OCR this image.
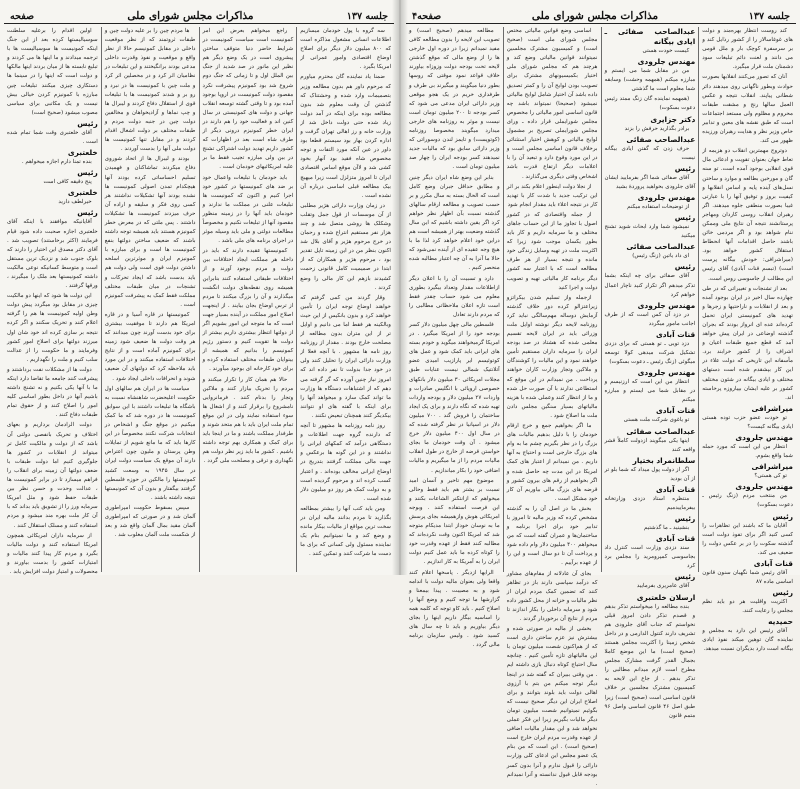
صفحه۴	مذاکرات مجلس شورای ملی	جلسه ۱۳۷

کند روست انتظار بهره‌مند و دولت های غوغاسالار را از کشور رذايل کند و بر سرسفرة کوچک بار و ملل قومی می دانند و لعنت دائم تبلیغات سود دشمنان ملت قرار میگیرد.

آنان که تصور می‌کنند انقلابها بصورت حوادث وبطور ناگهانی روی میدهند دائر شطانی پیاپند. انقلاب نتیجه و عکس العمل سالها رنج و مشقت طبقات محروم و مظلوم ولی مستعد اجتماعات است که طبق نقشه های معین و تدابیر خاص وزیر نظر و هدایت رهبران ورزیده ظهور می کند.

دوتروج مهمترین انقلاب دو هزیمه از تعاط جهان بعنوان تقویت و ادعائی مال قوی انقلابی بوجود آمده است. تو سنه گان و مورخین بطالعه و موارد و ساختن نسل‌های آینده پایه و اساس انقلابها و کیفیت بروز و توفیق آنها را با عبارتی غیبا بصورت منطقی جلوه میدهند. اگر رهبران انقلاب روسی کاردان ومهاجر پرستانشند نتیجه آن نتایج ملی وممکن ننام شواهد بود و اگر مردمی خائن باشند حاصل اقدامات آنها انحطاط استقلال کشور خواهد بود. (میراشرافی: خودش بیگانه پرست است) (تبسم قنات آبادی) آقای رئیس این مطالب از جاسوسی روس است.

بعد از تشنجات و تغییراتی که در طی چهارده سال اخیر در ایران بوجود آمده و بعد از انقلابات و ناراحتیها و زجرها و تهدید های کمونیستی ایران تحمل کرده‌اند عده ای انرواز بودند که بجران گذشته اوضاعی در ایران پیش خواهد آمد که قطع جمیع طبقات اعیان و اشراف را از کشور خرابند برد. مأسفانه این تاریخی که دولت علاء در این کار بپشقدم شده است دستهای مختلف و ایادی بیگانه در شئون مختلف کشور بر علیه ایشان بپیاروزه پرخاسته اند.

میراشرافی

تو خودت عضو حزب توده هستی ایادی بیگانه کیست؟

مهندس جلرودی

انتظار من این است که مورد حمله شما واقع بشوم.

میراشرافی

تو کی هستی؟

مهندس جلرودی

من منتخب مردم (زنگ رئیس ـ دعوت بسکوت)

رئیس

آقایان ما که باشند این تظاهرات را کسی کنید اگر برای تفوذ دولت است گذشته سکوت را در بر عکس دولت را ضعیف می کند.

قنات آبادی

آقای رئیس شما نگهبان سنون قانون اساسی ماده ۸۷

رئیس

اکثریت واقلیت هر دو باید نظم مجلس را رعایت کنند.

حمیدیه

آقای رئیس این دارد به مجلس و نماینده گان توهین میکند نفوذ ایادی بیگانه است دارد بدیگران نسبت میدهد.

عبدالصاحب صفائی ـ ایادی بیگانه

کیست خودت هستی

مهندس جلرودی

من در مقابل شما می ایستم و مبارزه میکنم (همهمه وحشت) وسابقه شما معلوم است ما گذشتی

(همهمه نماینده گان زنگ ممتد رئیس دعوت بسکوت)

دکتر جزایری

برادر بگذارید حرفش را بزند

عبدالصاحب صفائی

حرف زدن که گفتن ایادی بیگانه نیست

رئیس

آقای صفائی شما اگر بفرمایید ایشان آقای جلرودی بخواهید پروردۀ بشید

مهندس جلرودی

از توضیحات استفاده میکنم

رئیس

نمیشود شما وارد ابحاث شوید تشنج میکنید

عبدالصاحب صفائی

ای داد یاتین (زنگ رئیس)

رئیس

آقای صفائی برای چه اینکه بشما تذکر میدهم اگر تکرار کنید ناچار اعمال خواهم کرد

مهندس جلرودی

در دزد آن کس است که از طرف اجانب مامور میگردد

قنات آبادی

دزد تویی ـ تو هستی که برای دزدی تشکیل شرکت میدهی کولا توسعه میگوئی (زنگ رئیس ـ دعوت بسکوت)

مهندس جلرودی

انتظار من این است که ارزنیسم و در مقابل شما می ایستم و مبارزه میکنم

قنات آبادی

تو یاغوی شرکت ملت هستی

عبدالصاحب صفائی

اینها یکی میگویند ازدولت کاملاً قشر واقعه کنند

سلطانمراد بختیار

اگر از دولت پول میداد که شما بلو تر از آن بودید

قنات آبادی

منتظره استاد دزدی وزارتخانه بیفرماییدمیم

رئیس

بنشینید ـ ما گذشتیم

قنات آبادی

سند دزدی وزارت است کنترل داد بجاسوسی کمپرومرید را مجلس برد کرد

رئیس

آقای عامریری بفرمایید

ارسلان خلعتبری

بنده مطالعه را میخواستم تذکر بدهم و قصدم تذکر دادن امروز قبلی نخواستم که جناب آقای جلرودی هم تشریف دارند کنتول الدارمی و در داخل شخص زمینا را آکثریت مجلس هستند (صحیح است) ما این موضع کاملا بجمال القدر گرفت مشارک مجلس مطرح است لازم میدانم مطالبی را تذکر بدهم . از جاع این لایحه به کمیسیون مشترک مجلسین بر خلاف قانون اساسی است (صحیح است) زیرا طبق اصل ۴۶ قانون اساسی واصل ۹۶ متمم قانون

اساسی وضع قوانین مالیاتی مختص مجلس شورای ملی است (صحیح است) و کمیسیون مشترک مجلسین نمیتوانند قوانین مالیاتی وضع کند و هرچند هم که مجلس شورای ملی اختیار بکمیسیونهای مشترک برای تصویب بودن لوایح آن را و کمتر تصدیق داده باشد آن اختیار شامل لوایح مالیاتی نمیشود (صحیحا) نمیتواند باشد چه قانون اساسی امور مالیاتی را مخصوص مجلس شورایملی قرار داده ـ ورای مجلس شورایملی تصریح بر مشمول لوایح مالیاتی و کوهش اختیار استثنائی برخلاف قانون اساسی مجلس است و در این مورد وقوع دارد و تبعید آن را با اعلامات دیگر ارتفاع قدرت باشد اشخاص وقتی دیگری می‌گذارند .

از نجلا دولت اینطور اعلام بکند بر اثر این ترکیب جدید با شدت کار با تهدید کار در نتیجه اعلاء باید مقدار انجام شود

از جمله واقتصادی که در کشور اصول با تجاوز ما از این حساب جاهای مختلف و ما سرمایه داریم و کار باید بطور یکسان موجب شود زیرا که اکثریت ملت در تهیه وسایل زندگی خود مانده و نتیجه بسیار از هر طرف مطالعه است که با اعتبار سه کشور دیگر برنامه کار مالیاتی تهیه و تصویب دولت و اجرا کنید

ازجمله واز تسلیم شدن بیکراتزو زیراعتزالو کرده دور خلاف گذشته آزمایش دوساله مهم‌سالگی نباید کرد روزنامه لایحه دیگر نوشته اوایل ملت وزرائی باید در ایران لایحه تقسیم معلمی شده که هشتاد در صد بودجه ایران را سرمایه داران مستقیم تأمین خواهند نمود و این مالیات را کوشندگان و ملاکین وتجار وزارت کاران خواهند پرداخت . من نمیدانم در این موقع که استطاعی ندارند با آن صورت حل شده و ما از انتظار کنند وعملی شده با هزینه مالیاتهای بسیار سنگین مجلس دادن ملت ما اصلاح شود .

ما اگر بخواهیم جمع و خرج ارقام خودمان را با دلیل بدهیم مالیات های بزرگ را در نظر بگیریم چشم ما به وام های بزرگ خارجی است و احتیاج به آنها داریم . من نمیدانم از اعتبار های کمک امریکا در این مدت چه حاصل شده و اگر بخواهیم از رقم های بیرون کشور و قرضه های بزرگ مالی بیاوریم آن کار خود مشکل است .

بخش ما در اصل آن را به گذشته مشخص کرده که وزیر مالیه تا امروز با تدابیر خود برای اجرا برنامه و ساختمان‌ها و عمران گفته است که من میخواهم ۴۰۰ میلیون دلار وام داده شود و پرداخت آن تا دو سال است و این را از عهده برآییم .

بجای آن عادلانه از مقام‌های مشاور که درآمد سپاسی دارند باز در تظاهر کنند که تضمین کمک مردم ایران از نظر مالیات و خزانه از محل کشور داده شود و سرمایه داخلی را بکار اندازند تا مردم از نتایج آن برخوردار گردند .

بخشی از مالیه در صورتی شده و بیشترش نیز عزم ساختن داری است که از هم‌اکنون شصت میلیون تومان با این مالیاتهای تازه تأمین کنیم . چنانچه سال احتیاج کوتاه دنبال بازی داشته ایم . من وقتی ببیران که گفته شد در اینجا دیگر توجه میکنم من بتم با آرزوی اهالی دولت باید بلوند بتوانند و برای اصلاح ایران این دیگر صحیح نیست که بگوئیم نمیتوانیم شصت میلیون تومان دیگر مالیات بگیریم زیرا این فکر عملی نخواهد شد و این مقدار مالیات اضافی از عهده وقدرت مردم ایران خارج است (صحیح است) . این است که من بنام یک عضو مجلس این ادعای کلی وزارت دارائی را قبول ندارم و آنرا بدون کسر بودجه قابل قبول ندانسته و آنرا نمیدانم .

مطالعه میدهم (صحیح است) و تصویب این لایحه را بدون مطالعه کافی مفید نمیدانم زیرا در دوره اول خارجی ها را از وضع مالی که موقع گذشتن لایحه تحت بودجه دولت وزوزاه بیاورند خلاف قواعد نمود موقتی که روسها بطور دنیا میگویند و میگیرند بی طرف و طرفداری خریم در یک هجو موقعی وزیر دارائی ایران مدعی می شود که کسر بودجه تا ۲۰۰ میلیون تومان است نیست و موثر به روزنامه های خارجی میدارد میگویند مخصوصا روزنامه (کوتوپست) و تایمز لندن دوسوراتی که وزیر دارائی سابق بود که مالیات جدید نمیدهند کسر بودجه ایران را چهار صد میلیون تومان است .

بنابر این وضع شاه ایران دیگر چنین و مطابق حداقل جبران وضع کامل است که الحال بسته به سال مکرر و بر حسب تصویب و مطالعه ارقام سالهای گذشته نسبت بآن اظهار نظر خواهم کرد اگر یقین داشته باشیم که این سال گذشته وضعیت بهتر از همیشه است هم دراین خود اعلام خواهد کرد لذا ما با هیچ وجه عقیده ای از آینده نمی‌شود که حالا ما آنرا به آن چه اعتبار مطالبه شده منحصر کنیم .

دارد و تسبیت آن را با اعلان دیگر ازاطلاعات مقدار وتعداد بیگیرد بطوری معلوم می شود حساب چقدر فقط است تازه اعلان ملاحظاتی مطالبی را که مردم دارند تعادل

فلسطین مالی چهل میلیون دلار کسر بودجه خود را از امریکا میگیرد . در امریکا گرمیخواهند میگوید و خودم بسته های ایرانی باید کمک شود و عمل های کوتوئیسم ایر پارازیب امیدی عضو آتلانتیک شمالی نیست عنایات طبق مجلات امریکائی ۳۰ میلیون دلار بانکهای خصوصی اروپائی با انگلیس صادرات و واردات ۲۷ میلیون دلار و بودجه واردات تهیه شده که نگاه دارند و برای یک ایجاد ساختمان را فروش گند . ۷۰۰ میلیون دلار در اسپانیا در نظر گرفته شده که در سال اول ۴۰۰ میلیون دلار خرج میشود . آن وقت خودمان ما بجای خواستن قرضه از خارج در طول انقلاب مالیات مردم را از ما میگیریم و مالیات اضافی خود را بکار میاندازیم .

موضوع مهم تاخیر و آنسان امید نسبت بر یشتر هم باید فقط وحالی میخواهم که ازانتکنر الشاعات بکنند و این فرصت استفاده کنند . وبوجه امریکائی هوش وازهمیشه بجای پرسش ما به نوسان خوداز ابتدا مدیکام متوجه شد که امریکا اکنون وقت نکرده‌اند که مطالبه کنند فقط از عهده وقدرت خود را کوتاه کرده ما باید عمل کنیم دولت ایران را به آمریکا به کار اندازیم .

الرایها ازدیگر . پاسخها اعلام کنند واقعا ولی بعنوان مالیه دولت با اندامه شود و به مصیبت . پیدا بیمعنا و گزارشها ما توجه کنیم و وضع آنها را اصلاح کنیم . باید کاو توجه که کلمه همه را اساسیه بیگار داریم اینها را بجای دیگر بیاوریم و باید تا چه سال های کسید شود . ولیس سازمان برنامه مالی گردد .

صفحه	مذاکرات مجلس شورای ملی	جلسه ۱۳۷

سه گروه با پول خودمان میسازیم اطلاعات انسانی مشغول مذاکره است که ۸۰۰ میلیون دلار دیگر برای اصلاح اوضاع اقتصادی وامور عمرانی از امریکا بگیرد .

ضمنا یاد نماینده گان محترم میاورم که مرحوم داور هم بدون مطالعه وزیر بتصمیمات وارد شده و وحشتناک که گذشتن آن وقت معلوم شد بدون مطالعه بوده برای اینکه در آمد دولت زیاد شده حتی دولت داخل شد از وزارت خانه و رز اهالی تهران گرفت و اداره کردن بهار بود سیستم قطعا بود داور در عین آنکه مورد التفات و توجه مخصوص شاه فقید بود آنهار بخود کشی شد و لاآن موقع اساس اقتصادی ایران تا امروز متزلزل است زیرا میهیچ بیک مطالعه قبلی اساسی درباره آن نشده است .

در زمان وزارت دارائی هژیر مطلبی از آن موسسات از قول جمل وتقلب وشکلک ها روشی متصل شد و چند هزار نفر مستقیم انتراع شده و رحمان در خرج مرحوم هژیر و آقای بلال شد اکنون بنظر من در این زمینه تاپل تقدیر بود ، مرحوم هژیر و همکاران که از ابتدا در صمیمیت کامل قانونی زحمت کشیدند بازهم این کار مالی را وضع کردند .

وقار گردند من کمی گرفتم که خواهند اوضاع توجه ایران را تأمین خواهند کرد و بدون بانکیس از این حیث وبالکینه هر فقط اما می دانیم و اوایل تر از این متران بدون مطالعه از مصلحت خارج بودند . مقدار از روزنامه روز نامه ها مشهور . با آنچه فعلا از وزارت دارائی ایران را تحلیل کنند ولی در خود جدا بدولت تا نفر داده اند که امروز نیاز چنین آورده که گر گرفته می دهم که از اشتباهات دستگاه ها وزارت ما تواند کمک سازد و میخواهد آنها را برای اینکه با گفته های او نتوانند بیکدیگر کنند همچنان تبعیض نکنند .

روز نامه روزنامه ها مشهور تا آنچه که دارنده گروه جهت اطلاعات و دستگاهی درآمد که کمکهای ایرانی را نداشتند و در این گونه ها برعکس و جهت مالی مملکت گرفتند بتدریج در اوضاع ایرانی مخالف بوده‌اند . و اعتبار کسب کرده اند و مرحوم گردیده است و به دولت کمک هر روز دو میلیون دلار شده است .

ومن باید کتب آنها را بیشتر بمطالعه بگذارید تا مردم بدانند مالیه ایران در سخت ترین مواقع از مالیات بیکار مانده و وضع کند و ما نمیتوانیم بنام یک نماینده مسئول ولی کسانی که برای ما دست ما شرکت کنند و تمکین کنند .

راجع میخواهم بعرض این امر کمونیست است سیاست کمونیست در شرایط حاضر دنیا متوقف ساختن پیشروی است در یک وضع دیگر هم نظیر این مانور در صد شدید از جنگ بین الملل اول و تا زمانی که جنگ دوم شروع شد بود کمونیزم پیشرفت نکرد مقصود دولت کمونیست در اروپا بوجود آمده بود و تا وقتی گشته توسعه انقلاب جهانی و دولت های کمونیستی در سال کنین اند و فعالیت خود را هم دارند در ایران خطر کمونیزم درونی دیگر از طرف شاه است بعد در اظهارات که کشور داریم تهدید دولت اشتراکی تشنج در بین ولی مبارزه تجیب فقط ما بر علیه امریکائیهای خودمان است .

باید خودمان با تبلیغات واعمال خود بر ضد های کمونیستها در کشور خود اجرا کنیم و اکنون که کمونیست ها تبلیغات علنی در مملکت ما ندارند و خودمان باید آنها را در زمینه منظور مقصود آنها از تبلیغات نکنیم و مخصوصاً مطالعات دولتی و ملی باید وسیله موثر در اجرای برنامه های ملی باشد .

کمونیستها عقیده دارند که باید در داخله هر مملکت ایجاد اختلافات بین دولت و مردم بوجود آورند و از اختلافات طبقاتی استفاده کنند بنابراین همیشه روی نقطه‌های دولت انگشت میگذارند و آن را بزرگ میکنند تا مردم از ترس اوضاع بجان بیایند . از اینجهت اصلاح امور مملکت در آینده بسیار جهت است که ما متوجه این امور بشویم اگر از دولتها انتظار بیشتری داریم بیشتر از دولت ها تقویت کنیم و دستور رژیم کمونیسم را بدانیم که همیشه از بینوایان طبقات مختلف استفاده کرده و برای خود کارخانه ای بوجود میآورند .

حالا هم همان کار را تکرار میکنند و مردم را تحریک بیازار کنند و ملاکین وتجار را بدنام کنند . فرمانروایی نامشروع را برقرار کنند و از اشغال ها سوء استفاده نمایند ولی در این موقع تمام ملت ایران باید با هم متحد شوند و طرفدار مملکت باشند و ما در اینجا باید برای کمک و همکاری بهم توجه داشته باشیم . کشور ما باید زیر نظر دولت هم نگهداری و ترقی و مصلحت ملی گردد .

ها مردم چین را بر علیه دولت چین و طبقات ثروتمند که از نظر موقعیت داخلی در مقابل کمونیسم حالا از نظر واقع و موقعیت و نفوذ وقدرت داخلی مدعی بودند برانگیختند و این تبلیغات در نظامیان اثر کرد و در محصلین اثر کرد و ملت چین با کمونیست ها در نبرد و رو بر و شدند کمونیست ها با تبلیغات قوی از استقلال دفاع کردند و لیبرال ها و چپ نماها و آزادیخواهان و مخالفین دولت چین در جنبه دولت مردم و طبقات مختلف بر دولت اشغال اقدام کردند و در مقابل تنها کمونیست ها دولت ملی آنها را بدست آوردند .

بودند و لیبرال ها از اتحاد شوروی دفاع میکردند تماشاکنان و فهمیدن تسلیم احساساتی کرده بودند آنها هیچکدام تمدن اصولی کمونیست ها نشده بودند آنها تشکیلات نداشتند هر کسی روی فکر و سلیقه و اراده آن حرف میزدند کمونیست ها تشکیلات داشتند . پس ملتی که در معرض خطر کمونیزم هستند باید همیشه توجه داشته باشند که ضعیف ساختن دولتها بنفع کمونیست ها است و برای مبارزه با کمونیزم ایران و موثرترین اسلحه داشتن دولت قوی است ولی دولت هم باید بدست باشد که ایجاد تحرکات و تشنجات در میان طبقات مختلف مملکت فقط کمک به پیشرفت کمونیزم است .

کمونیستها در قاره آسیا و در قاره امریکا هم دارند تا موفقیت بیشتری برای خود بدست آورند چون میدانند که هر وقت دولت ها ضعیف شود زمینه برای کمونیزم آماده است و از نتایج اختلافات استفاده میکنند و در این مورد باید ملاحظه کرد که دولتهای آن ضعیف شوند و انحرافات داخلی ایجاد شود .

سیاست ها در ایران هم سالهای اول حکومت اعلیحضرت شاهنشاه نسبت به باشگاه ها تبلیغات داشتند با این سوابق کمونیست ها در دوره شد که ما کمک میکنیم در موقع جنگ و اشخاص در انتخابات شرکت نکنند مخصوصاً در این کارها باید که ما مانع شویم از تمایلات وطن پرستان و ملیون چون اعتراض دارند آن موقع یک سیاست دولت ایران در سال ۱۹۴۵ به وسعت کشید کمونیستها را مالکین در حوزه فلسطین گرفتند بیگفتار و بدون آن که کمونیستها نتیجه داشته باشند .

سپس بسقوط حکومت امپراطوری آلمان شد و در صورتی که امپراطوری آلمان مقید بمال آلمان واقع شد و بعد از شکست ملت آلمان مغلوب شد .

اولین اقدام را برعلیه سلطنت سوسیالیستها کرده بعد از این جنگ اینکه کمونیست ها سوسیالیست ها با ترجمه میدادند و ما اینها ها می کردند و تبلیغ نابسته ها از میان بردند اینها مالکها و دولت است که اینها را در سینما ها دستکاری چیزی میکنند تبلیغات چین مبارزه با کمونیزم کردن خیالی بیش نیست و یک مکاتبی برای سیاسی مصوب میشود (صحیح است)

رئیس

آقای خلعتبری وقت شما تمام شده است .

خلعتبری

بنده تمنا دارم اجازه میخواهم .

رئیس

پنج دقیقه کافی است

خلعتبری

خیرلطف دارید

رئیس

آقایانیکه موافقند با اینکه آقای خلعتبری اجازه صحبت داده شود قیام فرمایند (اکثر برخاستند) تصویب شد . آقای دکتر مصدق این اختیار را دارند که بلوک جنوب شد و نزدیک ترین مستقل است و متوسط کسانیکه نوعی مالکیت داشته کمونیستها بعد ملک را میگیرند ، ورقها گرفتند .

این دولت ها شود که اینها دو مالکیت چیزی در مقابل بود میگردد پیش دولت وطن اولیه کمونیست ها هم را گرفته اعلام کنند و تحریک سکنند و اگر کرده نتیجه بر سازی کرده اند خود شان اول میرزند دولتها برای اصلاح امور کشور وفرمایند و ما حکومت را از عدالت سلب کنیم و ملت را نگهداریم .

دولت ها از مشکلات نفت برداشتند و پیشرفت کنند جامعه ما تقاضا دارد اینکه ما با آنها یکی بکنیم و نه تشنج داشته باشیم آنها در داخل بطور اساسی کلیه امور را اصلاح کنند و از حقوق تمام طبقات دفاع کنند .

دولت الرادمان برداریم و بعهای اختلاف و تحریک بانفصی دولتی آن باشد که از دولت و مالکیت کامل تر میتواند از انقلابات در کشور ها جلوگیری کنیم اما دولت طبقات با ضعف دولتها آن زمینه برای انقلاب را فراهم میسازد تا در برابر کمونیست ها ، عدالت وحدت و حسن نظر بین طبقات حفظ شود و مثل امریکا سرمایه ورز را از تشویق باید بداند که با آن کار ملت بهره مند میشود و مردم استفاده کنند و مسلک استقلال کنند .

از سرمایه داران امریکائی همچون امریکا استفاده کنند و دولت مالیات بگیرد و مردم کار پیدا کنند مالیات و امتیازات کشور را بدست بیاورند و محصولات و امتیاز دولت افزایش یابد .
